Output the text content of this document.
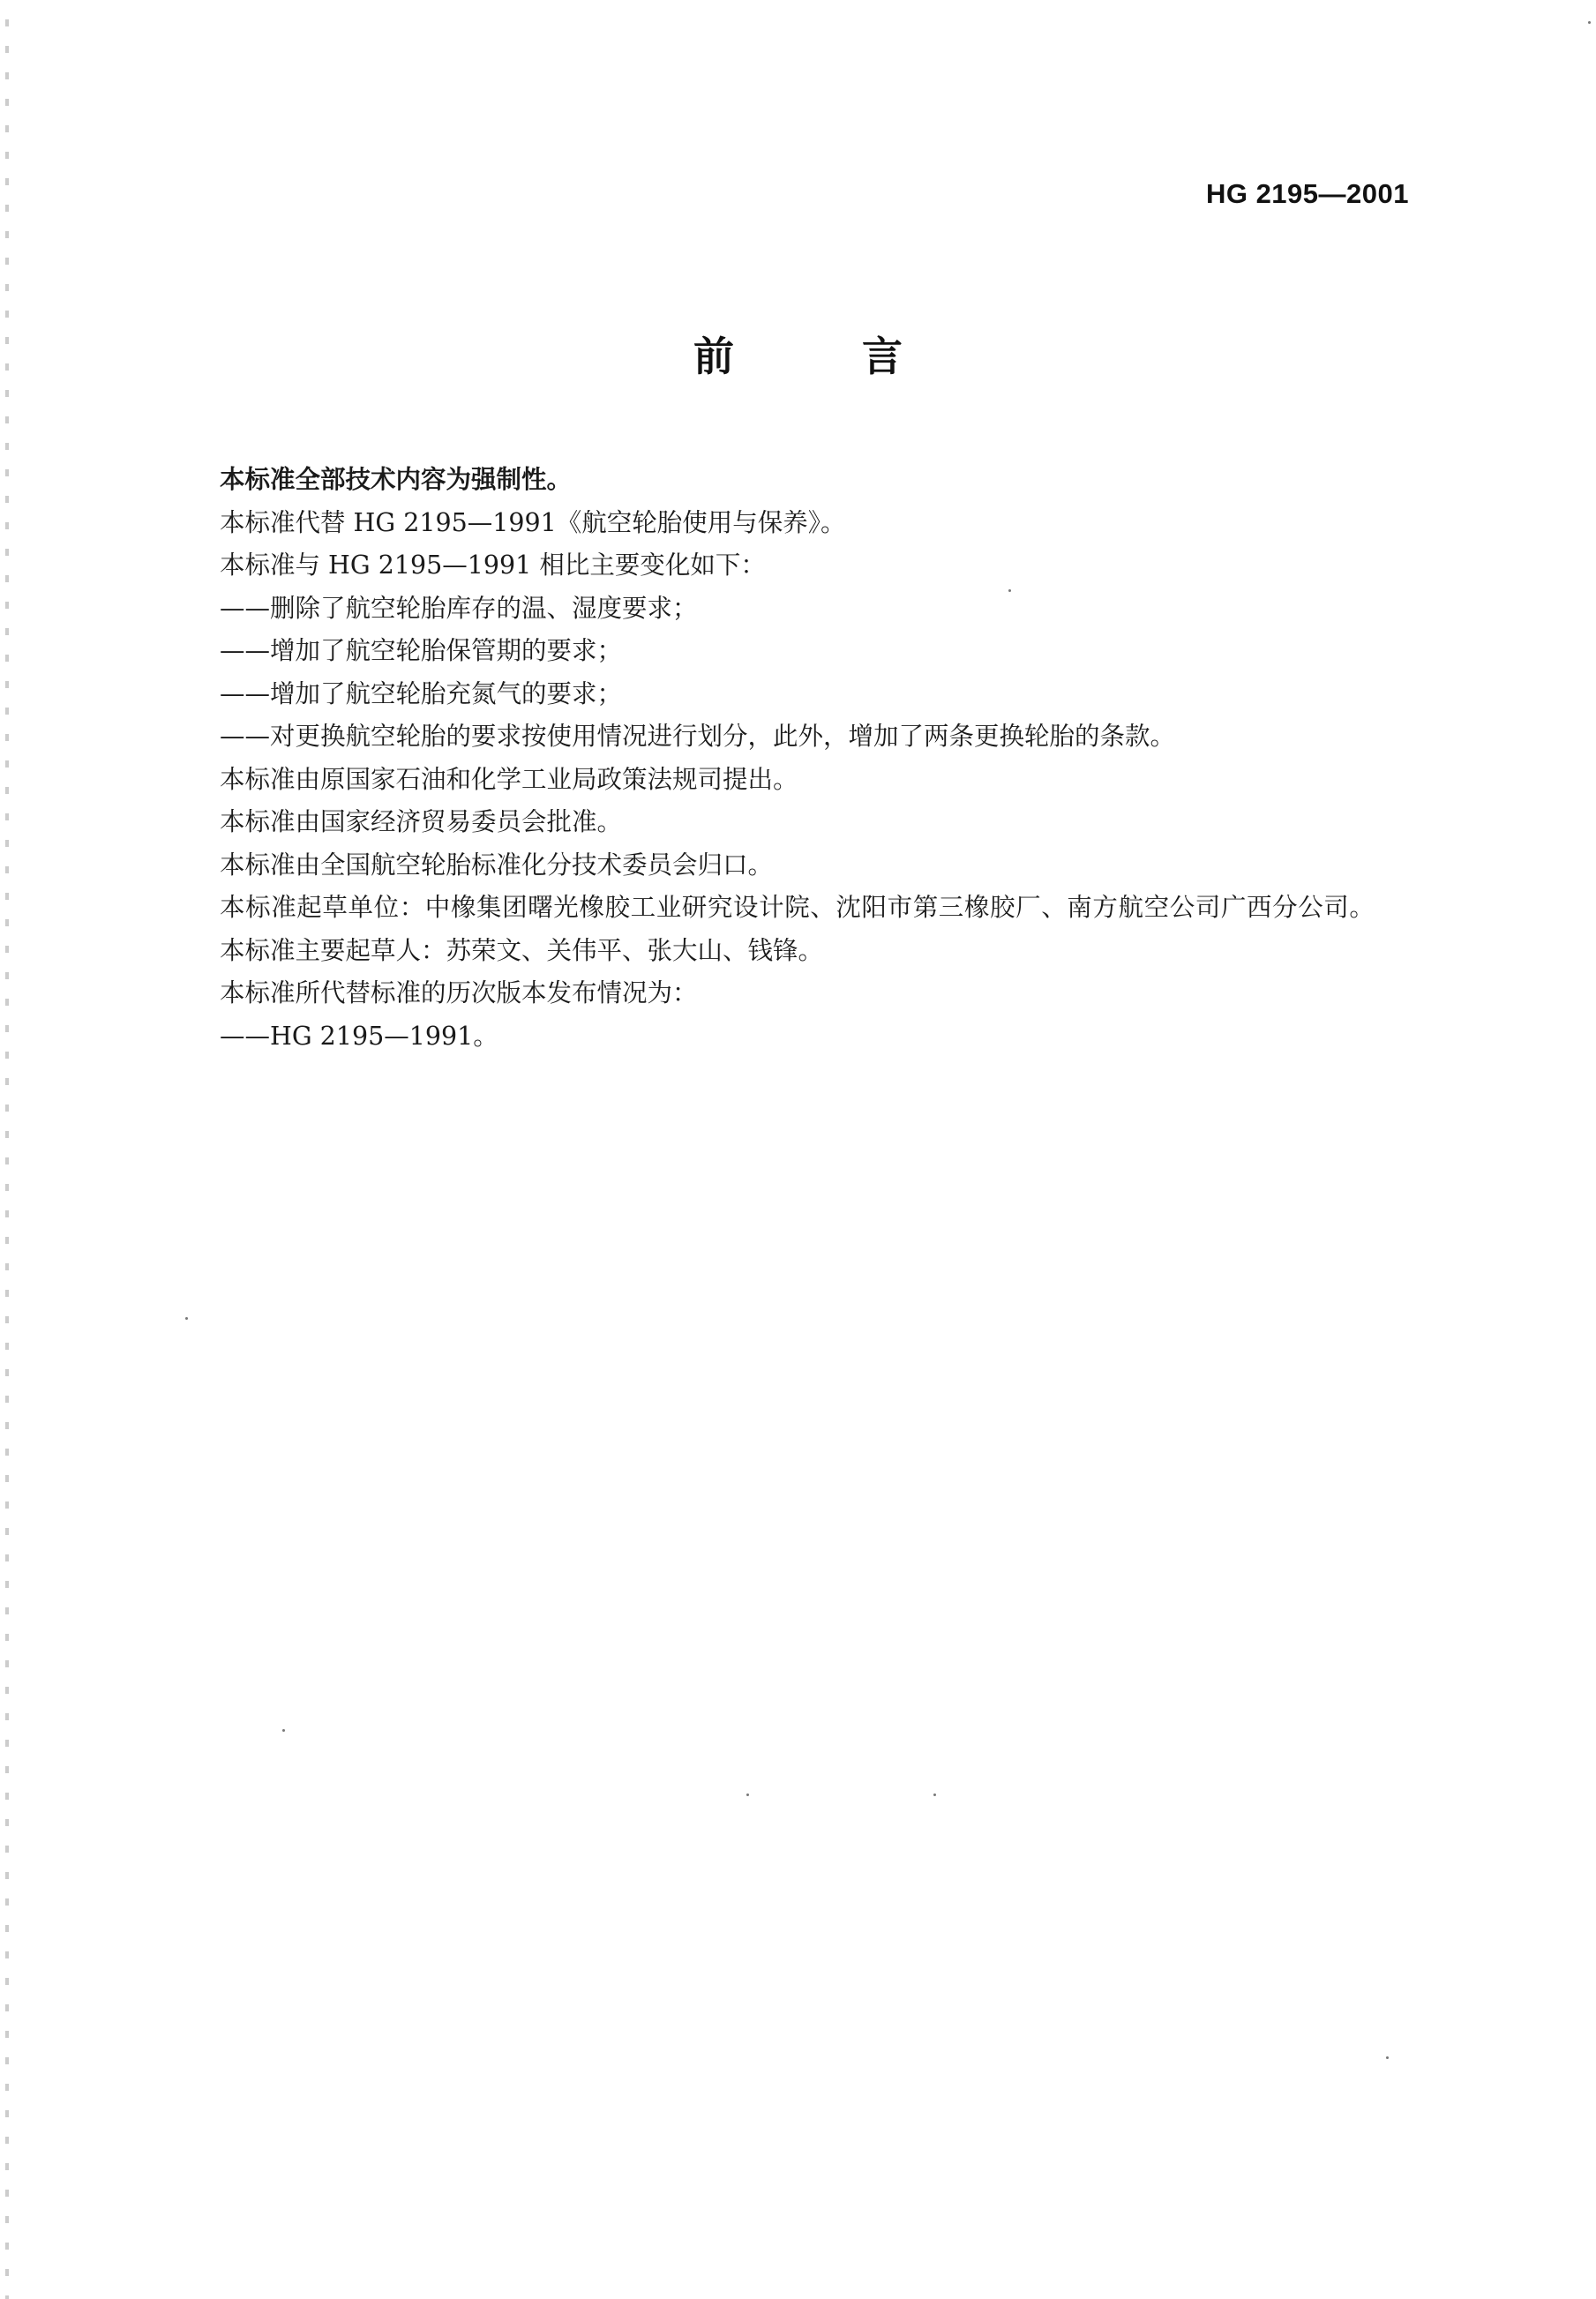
HG 2195—2001
前	言
本标准全部技术内容为强制性。
本标准代替 HG 2195—1991《航空轮胎使用与保养》。
本标准与 HG 2195—1991 相比主要变化如下：
——删除了航空轮胎库存的温、湿度要求；
——增加了航空轮胎保管期的要求；
——增加了航空轮胎充氮气的要求；
——对更换航空轮胎的要求按使用情况进行划分，此外，增加了两条更换轮胎的条款。
本标准由原国家石油和化学工业局政策法规司提出。
本标准由国家经济贸易委员会批准。
本标准由全国航空轮胎标准化分技术委员会归口。
本标准起草单位：中橡集团曙光橡胶工业研究设计院、沈阳市第三橡胶厂、南方航空公司广西分公司。
本标准主要起草人：苏荣文、关伟平、张大山、钱锋。
本标准所代替标准的历次版本发布情况为：
——HG 2195—1991。
